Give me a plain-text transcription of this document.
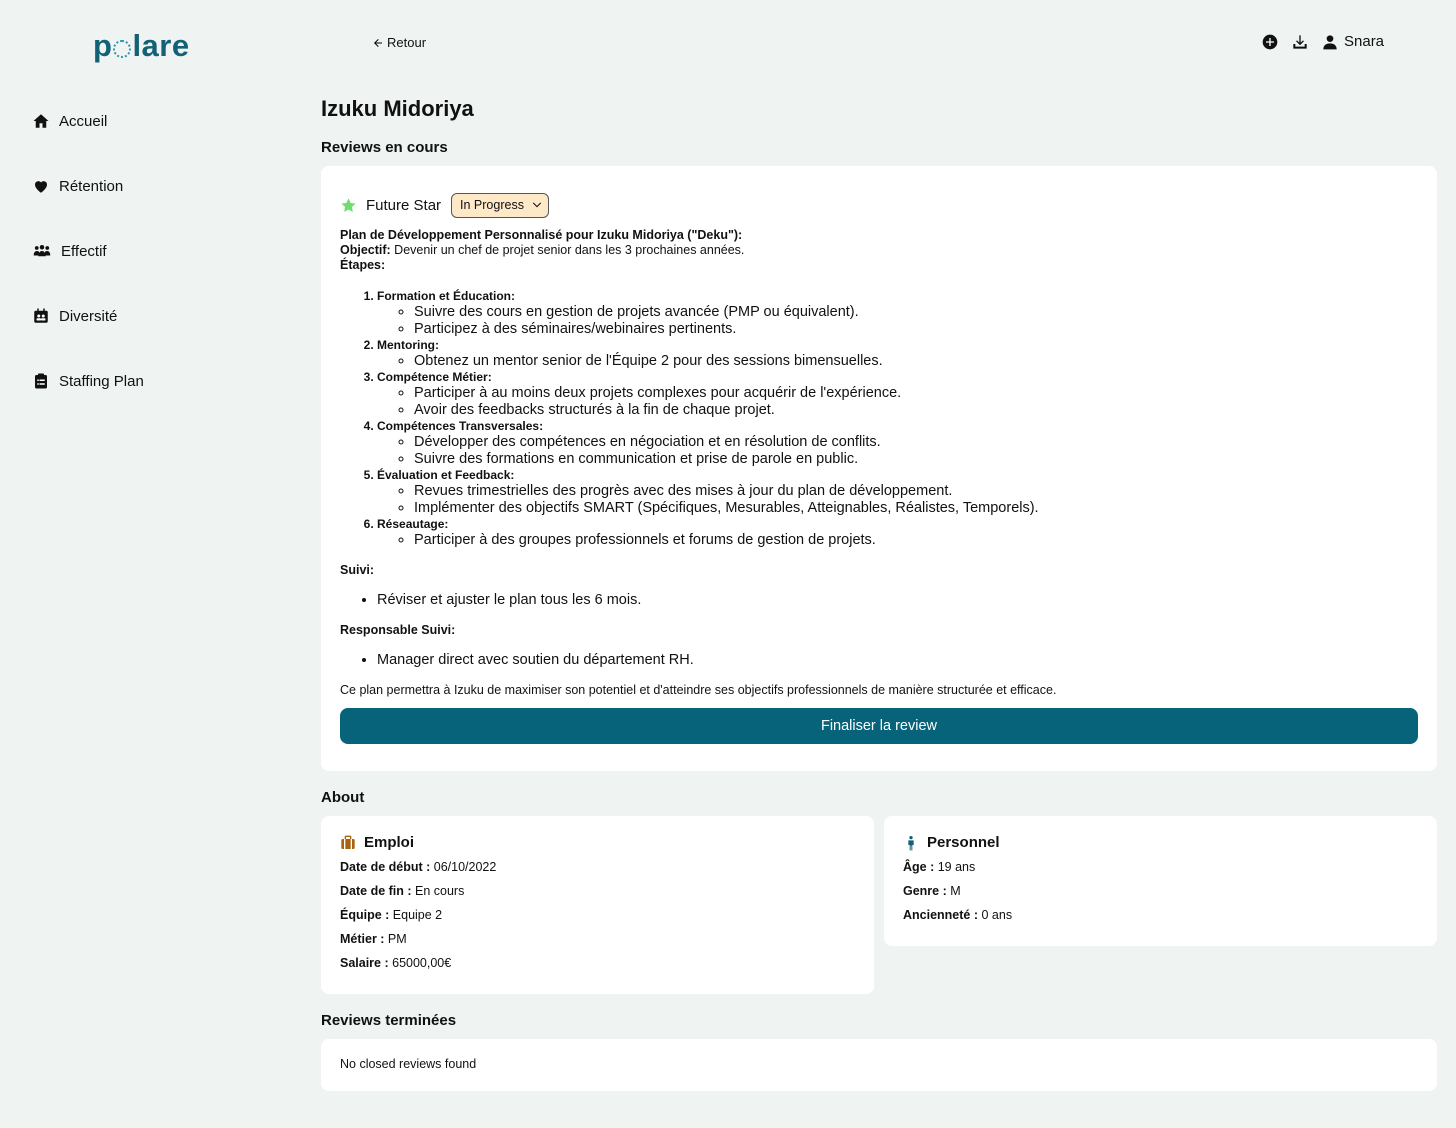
p lare
Accueil
Rétention
Effectif
Diversité
Staffing Plan
Retour	Snara
Izuku Midoriya
Reviews en cours
Future Star In Progress
Plan de Développement Personnalisé pour Izuku Midoriya ("Deku"):
Objectif: Devenir un chef de projet senior dans les 3 prochaines années.
Étapes:
1. Formation et Éducation:
◦ Suivre des cours en gestion de projets avancée (PMP ou équivalent).
◦ Participez à des séminaires/webinaires pertinents.
2. Mentoring:
◦ Obtenez un mentor senior de l'Équipe 2 pour des sessions bimensuelles.
3. Compétence Métier:
◦ Participer à au moins deux projets complexes pour acquérir de l'expérience.
◦ Avoir des feedbacks structurés à la fin de chaque projet.
4. Compétences Transversales:
◦ Développer des compétences en négociation et en résolution de conflits.
◦ Suivre des formations en communication et prise de parole en public.
5. Évaluation et Feedback:
◦ Revues trimestrielles des progrès avec des mises à jour du plan de développement.
◦ Implémenter des objectifs SMART (Spécifiques, Mesurables, Atteignables, Réalistes, Temporels).
6. Réseautage:
◦ Participer à des groupes professionnels et forums de gestion de projets.
Suivi:
• Réviser et ajuster le plan tous les 6 mois.
Responsable Suivi:
• Manager direct avec soutien du département RH.
Ce plan permettra à Izuku de maximiser son potentiel et d'atteindre ses objectifs professionnels de manière structurée et efficace.
Finaliser la review
About
Emploi
Date de début : 06/10/2022
Date de fin : En cours
Équipe : Equipe 2
Métier : PM
Salaire : 65000,00€
Personnel
Âge : 19 ans
Genre : M
Ancienneté : 0 ans
Reviews terminées
No closed reviews found
